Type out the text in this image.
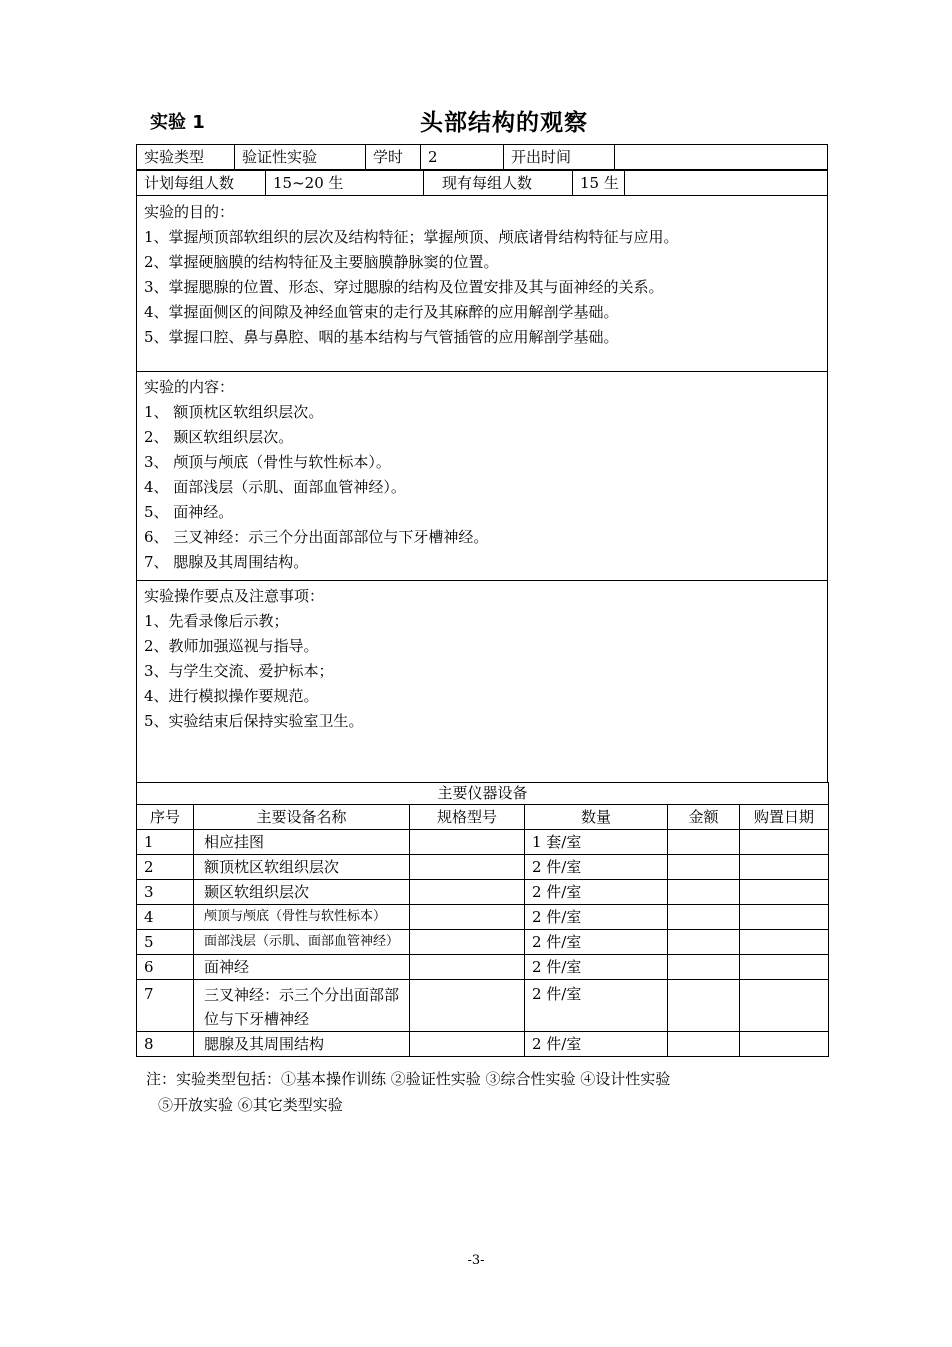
实验 1	头部结构的观察
实验类型	验证性实验	学时	2	开出时间	
计划每组人数	15~20 生	现有每组人数	15 生	
实验的目的：
1、掌握颅顶部软组织的层次及结构特征；掌握颅顶、颅底诸骨结构特征与应用。
2、掌握硬脑膜的结构特征及主要脑膜静脉窦的位置。
3、掌握腮腺的位置、形态、穿过腮腺的结构及位置安排及其与面神经的关系。
4、掌握面侧区的间隙及神经血管束的走行及其麻醉的应用解剖学基础。
5、掌握口腔、鼻与鼻腔、咽的基本结构与气管插管的应用解剖学基础。
实验的内容：
1、 额顶枕区软组织层次。
2、 颞区软组织层次。
3、 颅顶与颅底（骨性与软性标本）。
4、 面部浅层（示肌、面部血管神经）。
5、 面神经。
6、 三叉神经：示三个分出面部部位与下牙槽神经。
7、 腮腺及其周围结构。
实验操作要点及注意事项：
1、先看录像后示教；
2、教师加强巡视与指导。
3、与学生交流、爱护标本；
4、进行模拟操作要规范。
5、实验结束后保持实验室卫生。
主要仪器设备					
序号	主要设备名称	规格型号	数量	金额	购置日期
1	相应挂图		1 套/室		
2	额顶枕区软组织层次		2 件/室		
3	颞区软组织层次		2 件/室		
4	颅顶与颅底（骨性与软性标本）		2 件/室		
5	面部浅层（示肌、面部血管神经）		2 件/室		
6	面神经		2 件/室		
7	三叉神经：示三个分出面部部位与下牙槽神经		2 件/室		
8	腮腺及其周围结构		2 件/室		
注：实验类型包括：①基本操作训练 ②验证性实验 ③综合性实验 ④设计性实验
⑤开放实验 ⑥其它类型实验
-3-
